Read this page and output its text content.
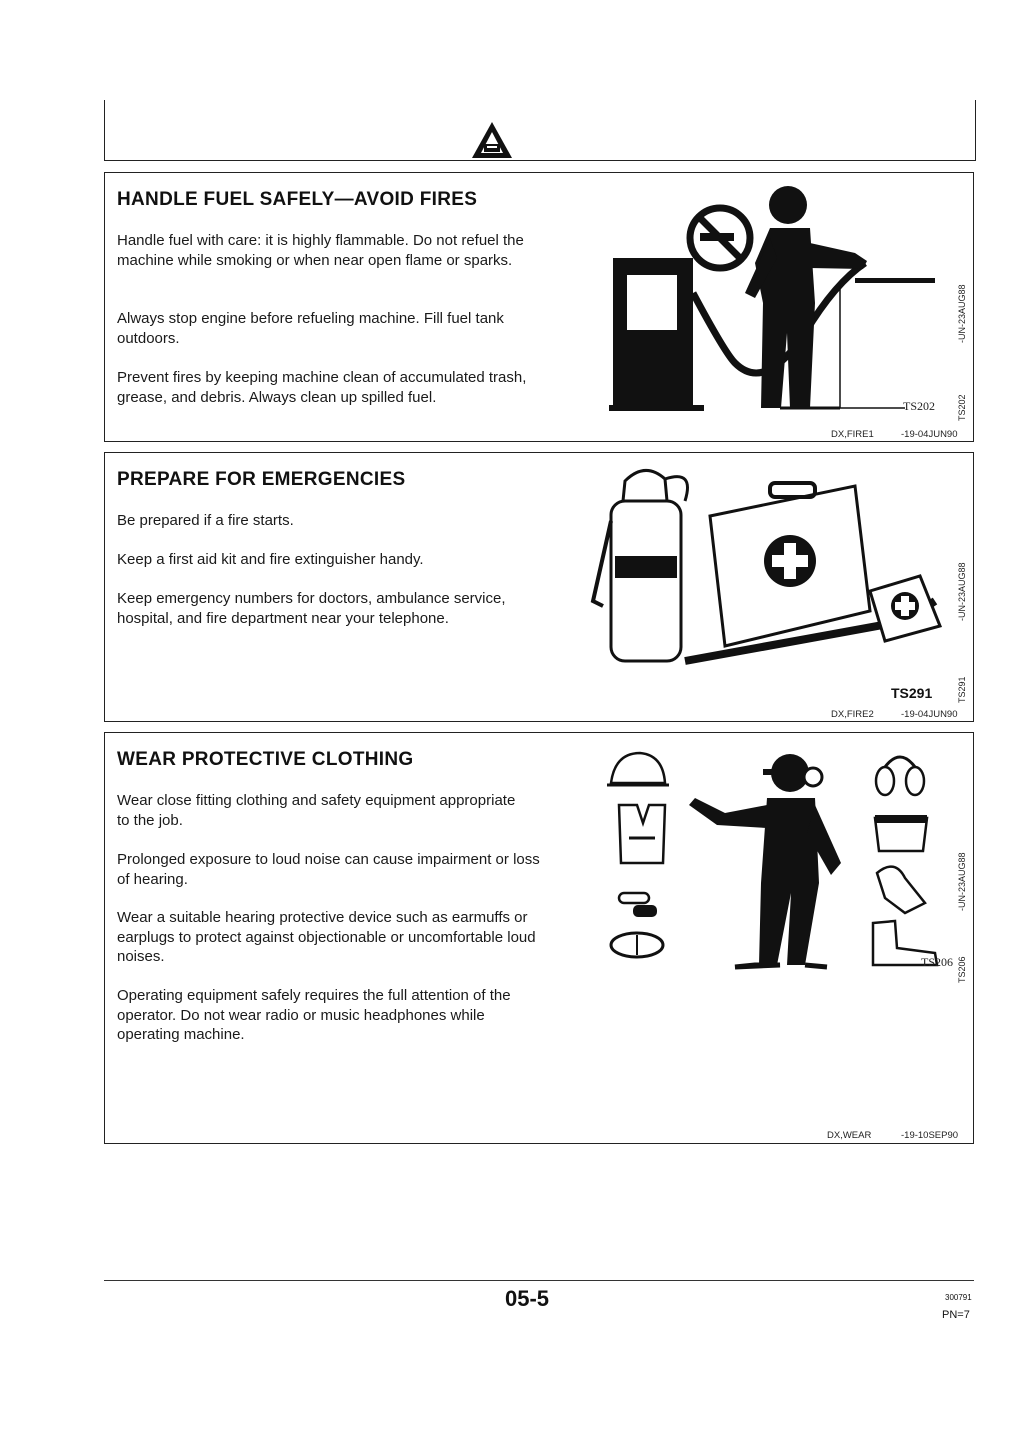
HANDLE FUEL SAFELY—AVOID FIRES
Handle fuel with care: it is highly flammable. Do not refuel the machine while smoking or when near open flame or sparks.
Always stop engine before refueling machine. Fill fuel tank outdoors.
Prevent fires by keeping machine clean of accumulated trash, grease, and debris. Always clean up spilled fuel.
TS202
-UN-23AUG88
TS202
DX,FIRE1	-19-04JUN90
PREPARE FOR EMERGENCIES
Be prepared if a fire starts.
Keep a first aid kit and fire extinguisher handy.
Keep emergency numbers for doctors, ambulance service, hospital, and fire department near your telephone.
TS291
-UN-23AUG88
TS291
DX,FIRE2	-19-04JUN90
WEAR PROTECTIVE CLOTHING
Wear close fitting clothing and safety equipment appropriate to the job.
Prolonged exposure to loud noise can cause impairment or loss of hearing.
Wear a suitable hearing protective device such as earmuffs or earplugs to protect against objectionable or uncomfortable loud noises.
Operating equipment safely requires the full attention of the operator. Do not wear radio or music headphones while operating machine.
TS206
-UN-23AUG88
TS206
DX,WEAR	-19-10SEP90
05-5	300791
PN=7
